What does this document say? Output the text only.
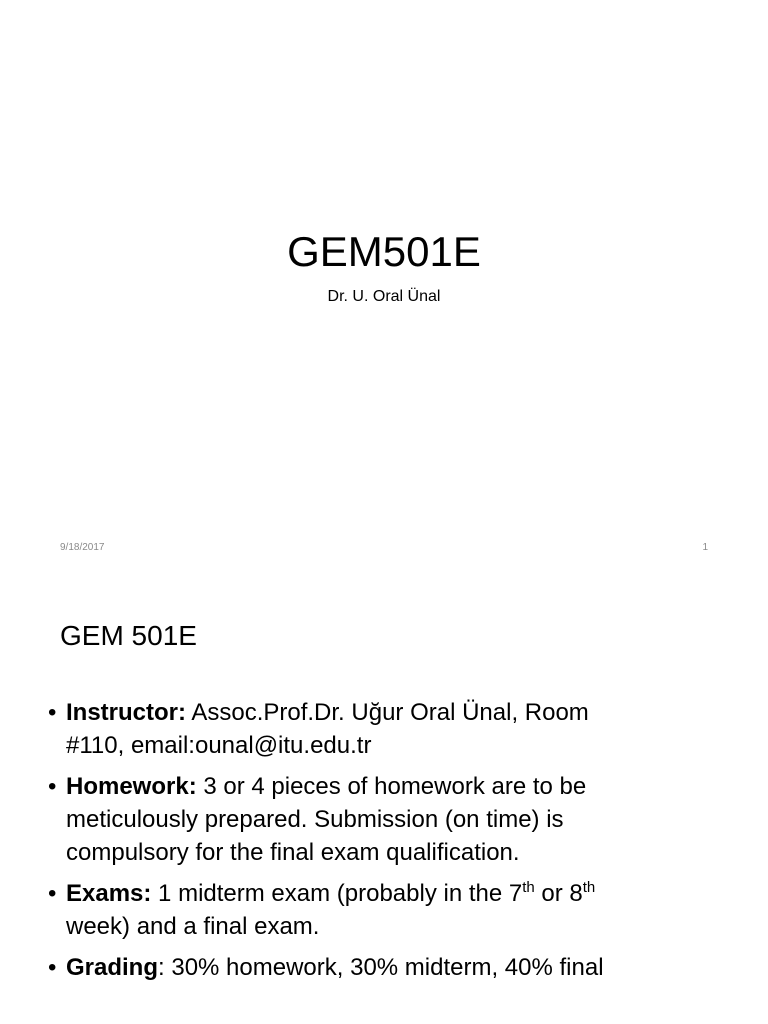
GEM501E
Dr. U. Oral Ünal
9/18/2017	1
GEM 501E
• Instructor: Assoc.Prof.Dr. Uğur Oral Ünal, Room
#110, email:ounal@itu.edu.tr
• Homework: 3 or 4 pieces of homework are to be
meticulously prepared. Submission (on time) is
compulsory for the final exam qualification.
• Exams: 1 midterm exam (probably in the 7th or 8th
week) and a final exam.
• Grading: 30% homework, 30% midterm, 40% final
